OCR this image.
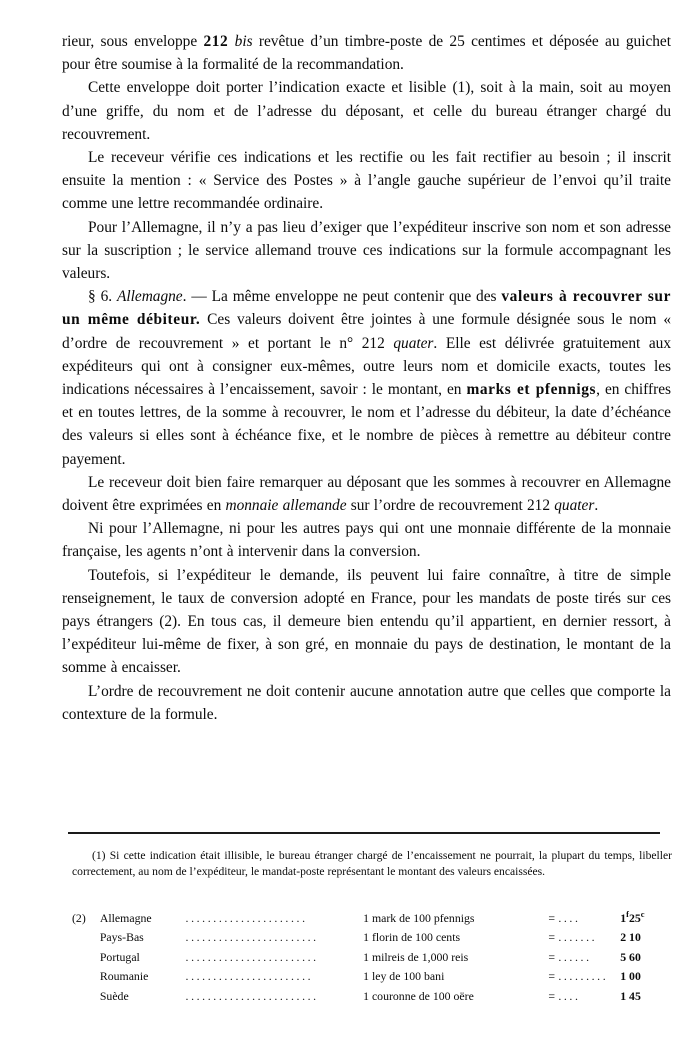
rieur, sous enveloppe 212 bis revêtue d’un timbre-poste de 25 centimes et déposée au guichet pour être soumise à la formalité de la recommandation.

Cette enveloppe doit porter l’indication exacte et lisible (1), soit à la main, soit au moyen d’une griffe, du nom et de l’adresse du déposant, et celle du bureau étranger chargé du recouvrement.

Le receveur vérifie ces indications et les rectifie ou les fait rectifier au besoin ; il inscrit ensuite la mention : « Service des Postes » à l’angle gauche supérieur de l’envoi qu’il traite comme une lettre recommandée ordinaire.

Pour l’Allemagne, il n’y a pas lieu d’exiger que l’expéditeur inscrive son nom et son adresse sur la suscription ; le service allemand trouve ces indications sur la formule accompagnant les valeurs.

§ 6. Allemagne. — La même enveloppe ne peut contenir que des valeurs à recouvrer sur un même débiteur. Ces valeurs doivent être jointes à une formule désignée sous le nom « d’ordre de recouvrement » et portant le n° 212 quater. Elle est délivrée gratuitement aux expéditeurs qui ont à consigner eux-mêmes, outre leurs nom et domicile exacts, toutes les indications nécessaires à l’encaissement, savoir : le montant, en marks et pfennigs, en chiffres et en toutes lettres, de la somme à recouvrer, le nom et l’adresse du débiteur, la date d’échéance des valeurs si elles sont à échéance fixe, et le nombre de pièces à remettre au débiteur contre payement.

Le receveur doit bien faire remarquer au déposant que les sommes à recouvrer en Allemagne doivent être exprimées en monnaie allemande sur l’ordre de recouvrement 212 quater.

Ni pour l’Allemagne, ni pour les autres pays qui ont une monnaie différente de la monnaie française, les agents n’ont à intervenir dans la conversion.

Toutefois, si l’expéditeur le demande, ils peuvent lui faire connaître, à titre de simple renseignement, le taux de conversion adopté en France, pour les mandats de poste tirés sur ces pays étrangers (2). En tous cas, il demeure bien entendu qu’il appartient, en dernier ressort, à l’expéditeur lui-même de fixer, à son gré, en monnaie du pays de destination, le montant de la somme à encaisser.

L’ordre de recouvrement ne doit contenir aucune annotation autre que celles que comporte la contexture de la formule.

(1) Si cette indication était illisible, le bureau étranger chargé de l’encaissement ne pourrait, la plupart du temps, libeller correctement, au nom de l’expéditeur, le mandat-poste représentant le montant des valeurs encaissées.

(2)	Allemagne	......................	1 mark de 100 pfennigs	=	....	1$^f$25$^c$
	Pays-Bas	........................	1 florin de 100 cents	=	.......	2 10
	Portugal	........................	1 milreis de 1,000 reis	=	......	5 60
	Roumanie	.......................	1 ley de 100 bani	=	.........	1 00
	Suède	........................	1 couronne de 100 oëre	=	....	1 45
